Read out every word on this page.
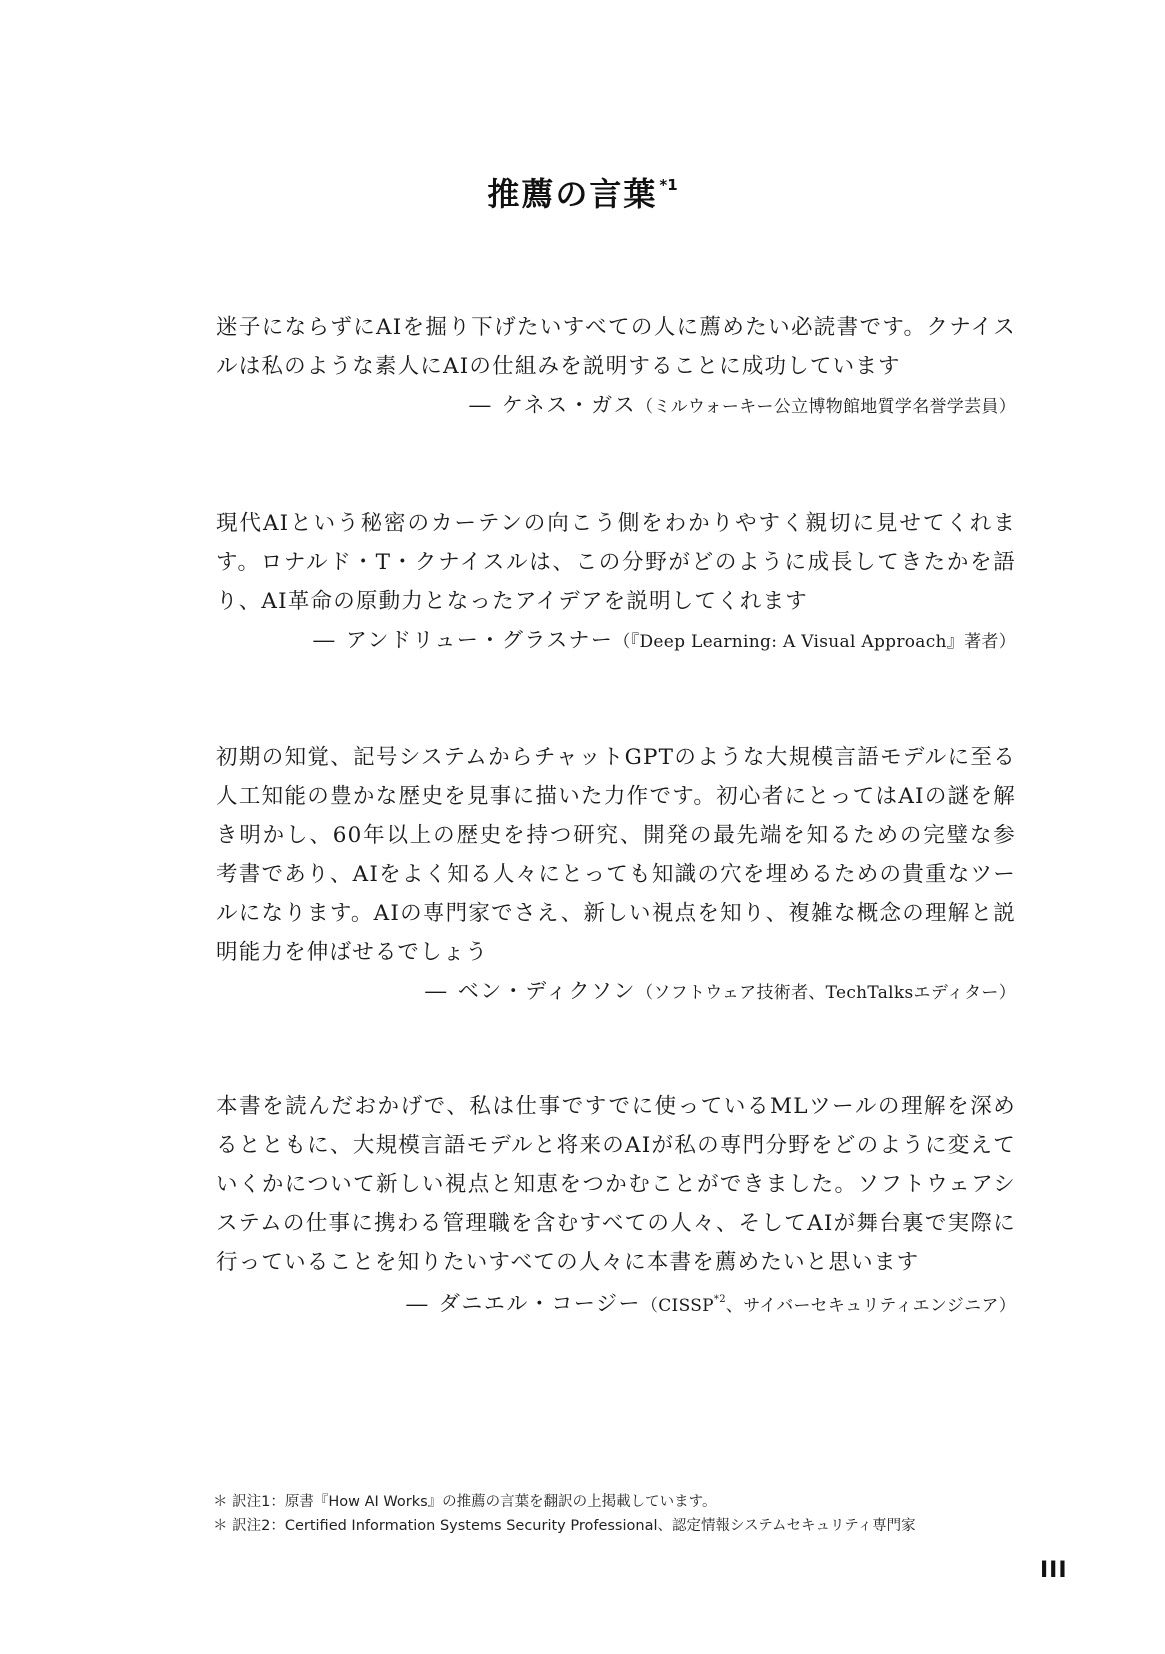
推薦の言葉 $^{*1}$

迷子にならずにAIを掘り下げたいすべての人に薦めたい必読書です。クナイスルは私のような素人にAIの仕組みを説明することに成功しています

― ケネス・ガス（ミルウォーキー公立博物館地質学名誉学芸員）

現代AIという秘密のカーテンの向こう側をわかりやすく親切に見せてくれます。ロナルド・T・クナイスルは、この分野がどのように成長してきたかを語り、AI革命の原動力となったアイデアを説明してくれます

― アンドリュー・グラスナー（『Deep Learning: A Visual Approach』著者）

初期の知覚、記号システムからチャットGPTのような大規模言語モデルに至る人工知能の豊かな歴史を見事に描いた力作です。初心者にとってはAIの謎を解き明かし、60年以上の歴史を持つ研究、開発の最先端を知るための完璧な参考書であり、AIをよく知る人々にとっても知識の穴を埋めるための貴重なツールになります。AIの専門家でさえ、新しい視点を知り、複雑な概念の理解と説明能力を伸ばせるでしょう

― ベン・ディクソン（ソフトウェア技術者、TechTalksエディター）

本書を読んだおかげで、私は仕事ですでに使っているMLツールの理解を深めるとともに、大規模言語モデルと将来のAIが私の専門分野をどのように変えていくかについて新しい視点と知恵をつかむことができました。ソフトウェアシステムの仕事に携わる管理職を含むすべての人々、そしてAIが舞台裏で実際に行っていることを知りたいすべての人々に本書を薦めたいと思います

― ダニエル・コージー（CISSP$^{*2}$、サイバーセキュリティエンジニア）

＊ 訳注1：原書『How AI Works』の推薦の言葉を翻訳の上掲載しています。
＊ 訳注2：Certified Information Systems Security Professional、認定情報システムセキュリティ専門家
III
